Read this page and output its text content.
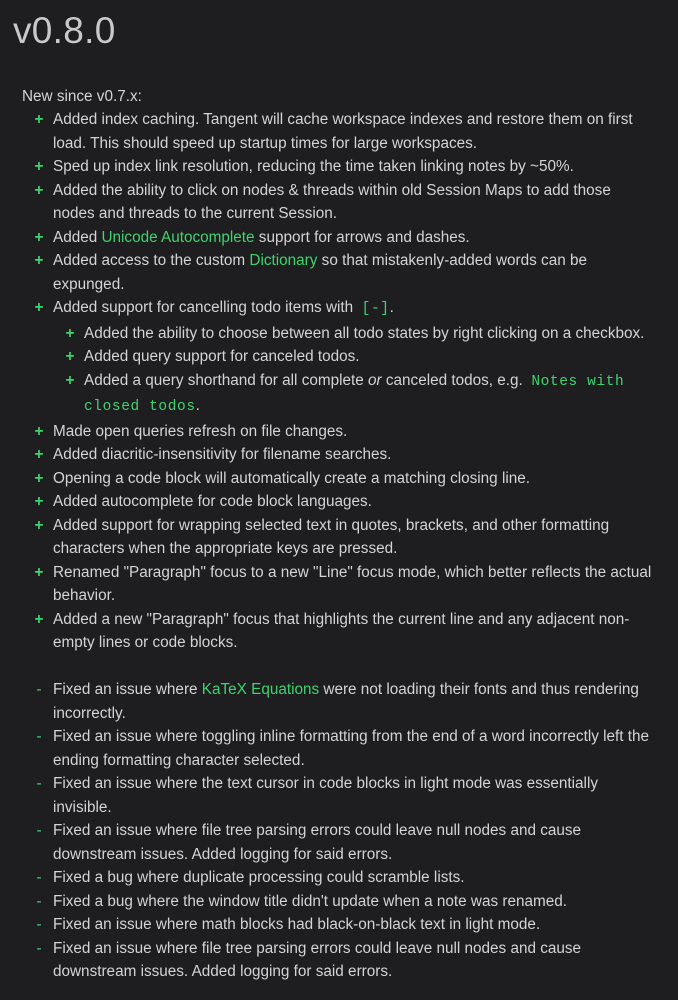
v0.8.0
New since v0.7.x:
+ Added index caching. Tangent will cache workspace indexes and restore them on first load. This should speed up startup times for large workspaces.
+ Sped up index link resolution, reducing the time taken linking notes by ~50%.
+ Added the ability to click on nodes & threads within old Session Maps to add those nodes and threads to the current Session.
+ Added Unicode Autocomplete support for arrows and dashes.
+ Added access to the custom Dictionary so that mistakenly-added words can be expunged.
+ Added support for cancelling todo items with  [-].
+ Added the ability to choose between all todo states by right clicking on a checkbox.
+ Added query support for canceled todos.
+ Added a query shorthand for all complete or canceled todos, e.g.  Notes with closed todos.
+ Made open queries refresh on file changes.
+ Added diacritic-insensitivity for filename searches.
+ Opening a code block will automatically create a matching closing line.
+ Added autocomplete for code block languages.
+ Added support for wrapping selected text in quotes, brackets, and other formatting characters when the appropriate keys are pressed.
+ Renamed "Paragraph" focus to a new "Line" focus mode, which better reflects the actual behavior.
+ Added a new "Paragraph" focus that highlights the current line and any adjacent non-empty lines or code blocks.
- Fixed an issue where KaTeX Equations were not loading their fonts and thus rendering incorrectly.
- Fixed an issue where toggling inline formatting from the end of a word incorrectly left the ending formatting character selected.
- Fixed an issue where the text cursor in code blocks in light mode was essentially invisible.
- Fixed an issue where file tree parsing errors could leave null nodes and cause downstream issues. Added logging for said errors.
- Fixed a bug where duplicate processing could scramble lists.
- Fixed a bug where the window title didn't update when a note was renamed.
- Fixed an issue where math blocks had black-on-black text in light mode.
- Fixed an issue where file tree parsing errors could leave null nodes and cause downstream issues. Added logging for said errors.
